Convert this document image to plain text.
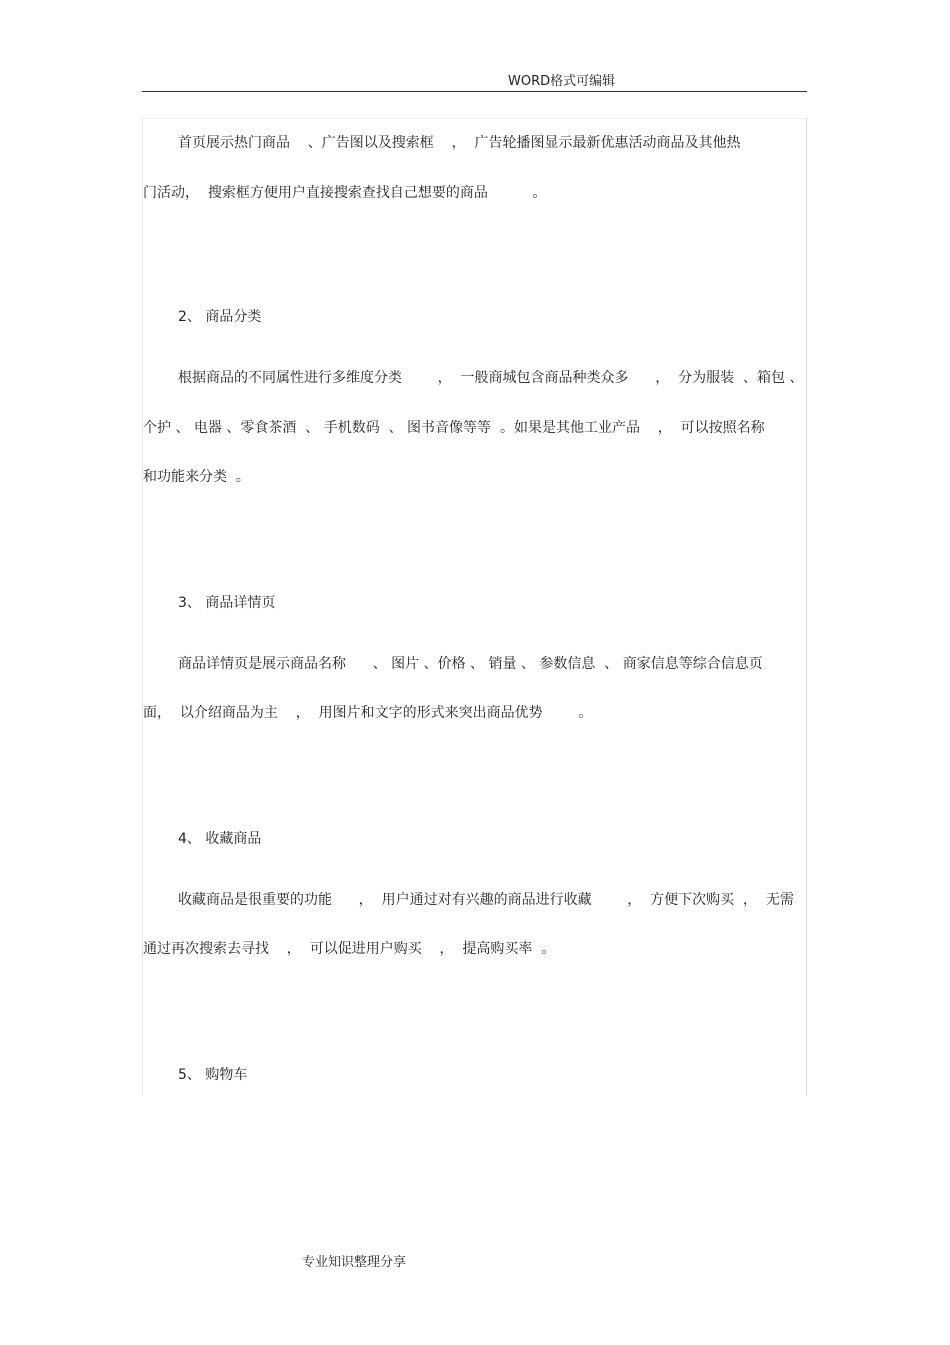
WORD格式可编辑
首页展示热门商品    、广告图以及搜索框    ，  广告轮播图显示最新优惠活动商品及其他热
门活动，  搜索框方便用户直接搜索查找自己想要的商品          。
2、 商品分类
根据商品的不同属性进行多维度分类        ，  一般商城包含商品种类众多      ，  分为服装  、箱包 、
个护 、 电器 、零食茶酒  、 手机数码  、 图书音像等等  。如果是其他工业产品    ，  可以按照名称
和功能来分类  。
3、 商品详情页
商品详情页是展示商品名称      、 图片 、价格 、 销量 、 参数信息  、 商家信息等综合信息页
面，  以介绍商品为主    ，  用图片和文字的形式来突出商品优势        。
4、 收藏商品
收藏商品是很重要的功能      ，  用户通过对有兴趣的商品进行收藏        ，  方便下次购买  ，  无需
通过再次搜索去寻找    ，  可以促进用户购买    ，  提高购买率  。
5、 购物车
专业知识整理分享
